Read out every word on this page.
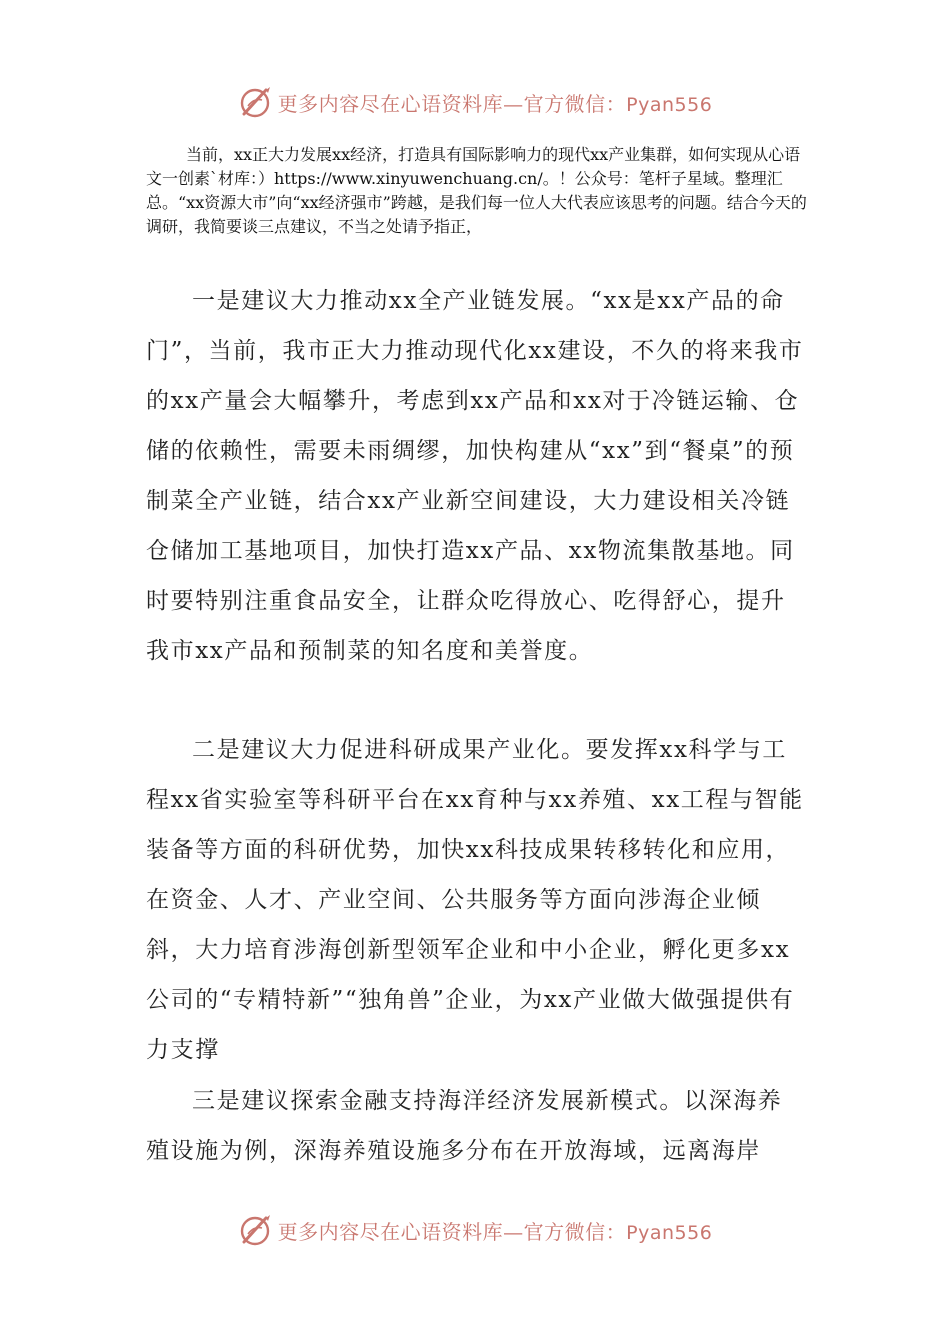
更多内容尽在心语资料库—官方微信：Pyan556
当前，xx正大力发展xx经济，打造具有国际影响力的现代xx产业集群，如何实现从心语文一创素`材库：）https://www.xinyuwenchuang.cn/。！公众号：笔杆子星域。整理汇总。“xx资源大市”向“xx经济强市”跨越，是我们每一位人大代表应该思考的问题。结合今天的调研，我简要谈三点建议，不当之处请予指正，
一是建议大力推动xx全产业链发展。“xx是xx产品的命门”，当前，我市正大力推动现代化xx建设，不久的将来我市的xx产量会大幅攀升，考虑到xx产品和xx对于冷链运输、仓储的依赖性，需要未雨绸缪，加快构建从“xx”到“餐桌”的预制菜全产业链，结合xx产业新空间建设，大力建设相关冷链仓储加工基地项目，加快打造xx产品、xx物流集散基地。同时要特别注重食品安全，让群众吃得放心、吃得舒心，提升我市xx产品和预制菜的知名度和美誉度。
二是建议大力促进科研成果产业化。要发挥xx科学与工程xx省实验室等科研平台在xx育种与xx养殖、xx工程与智能装备等方面的科研优势，加快xx科技成果转移转化和应用，在资金、人才、产业空间、公共服务等方面向涉海企业倾斜，大力培育涉海创新型领军企业和中小企业，孵化更多xx公司的“专精特新”“独角兽”企业，为xx产业做大做强提供有力支撑
三是建议探索金融支持海洋经济发展新模式。以深海养殖设施为例，深海养殖设施多分布在开放海域，远离海岸
更多内容尽在心语资料库—官方微信：Pyan556
